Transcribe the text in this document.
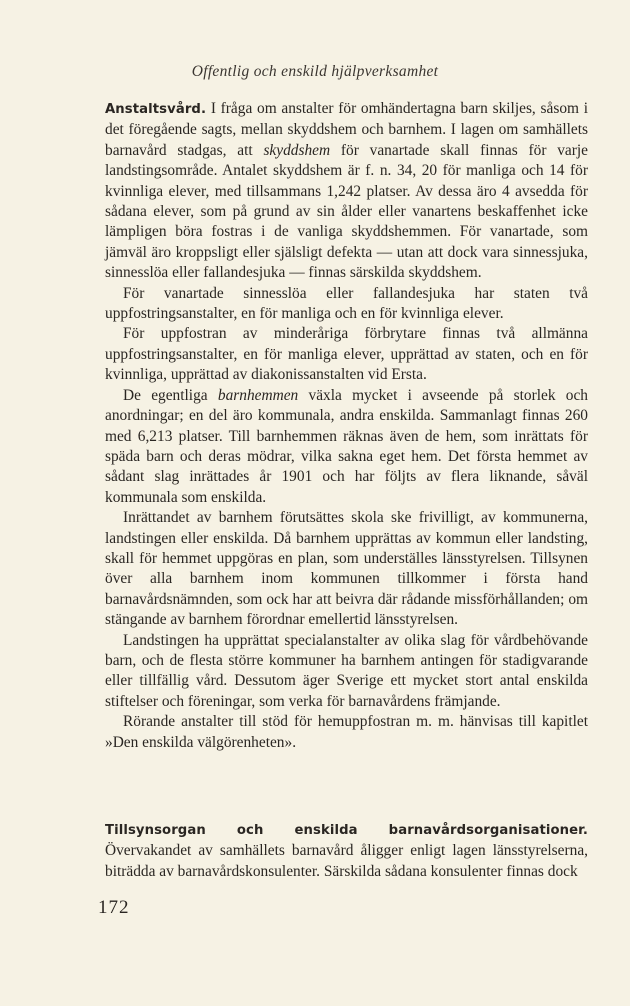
Offentlig och enskild hjälpverksamhet

Anstaltsvård. I fråga om anstalter för omhändertagna barn skiljes, såsom i det föregående sagts, mellan skyddshem och barnhem. I lagen om samhällets barnavård stadgas, att skyddshem för vanartade skall finnas för varje landstingsområde. Antalet skyddshem är f. n. 34, 20 för manliga och 14 för kvinnliga elever, med tillsammans 1,242 platser. Av dessa äro 4 avsedda för sådana elever, som på grund av sin ålder eller vanartens beskaffenhet icke lämpligen böra fostras i de vanliga skyddshemmen. För vanartade, som jämväl äro kroppsligt eller själsligt defekta — utan att dock vara sinnessjuka, sinnesslöa eller fallandesjuka — finnas särskilda skyddshem.

För vanartade sinnesslöa eller fallandesjuka har staten två uppfostringsanstalter, en för manliga och en för kvinnliga elever.

För uppfostran av minderåriga förbrytare finnas två allmänna uppfostringsanstalter, en för manliga elever, upprättad av staten, och en för kvinnliga, upprättad av diakonissanstalten vid Ersta.

De egentliga barnhemmen växla mycket i avseende på storlek och anordningar; en del äro kommunala, andra enskilda. Sammanlagt finnas 260 med 6,213 platser. Till barnhemmen räknas även de hem, som inrättats för späda barn och deras mödrar, vilka sakna eget hem. Det första hemmet av sådant slag inrättades år 1901 och har följts av flera liknande, såväl kommunala som enskilda.

Inrättandet av barnhem förutsättes skola ske frivilligt, av kommunerna, landstingen eller enskilda. Då barnhem upprättas av kommun eller landsting, skall för hemmet uppgöras en plan, som underställes länsstyrelsen. Tillsynen över alla barnhem inom kommunen tillkommer i första hand barnavårdsnämnden, som ock har att beivra där rådande missförhållanden; om stängande av barnhem förordnar emellertid länsstyrelsen.

Landstingen ha upprättat specialanstalter av olika slag för vårdbehövande barn, och de flesta större kommuner ha barnhem antingen för stadigvarande eller tillfällig vård. Dessutom äger Sverige ett mycket stort antal enskilda stiftelser och föreningar, som verka för barnavårdens främjande.

Rörande anstalter till stöd för hemuppfostran m. m. hänvisas till kapitlet »Den enskilda välgörenheten».

Tillsynsorgan och enskilda barnavårdsorganisationer. Övervakandet av samhällets barnavård åligger enligt lagen länsstyrelserna, biträdda av barnavårdskonsulenter. Särskilda sådana konsulenter finnas dock

172
